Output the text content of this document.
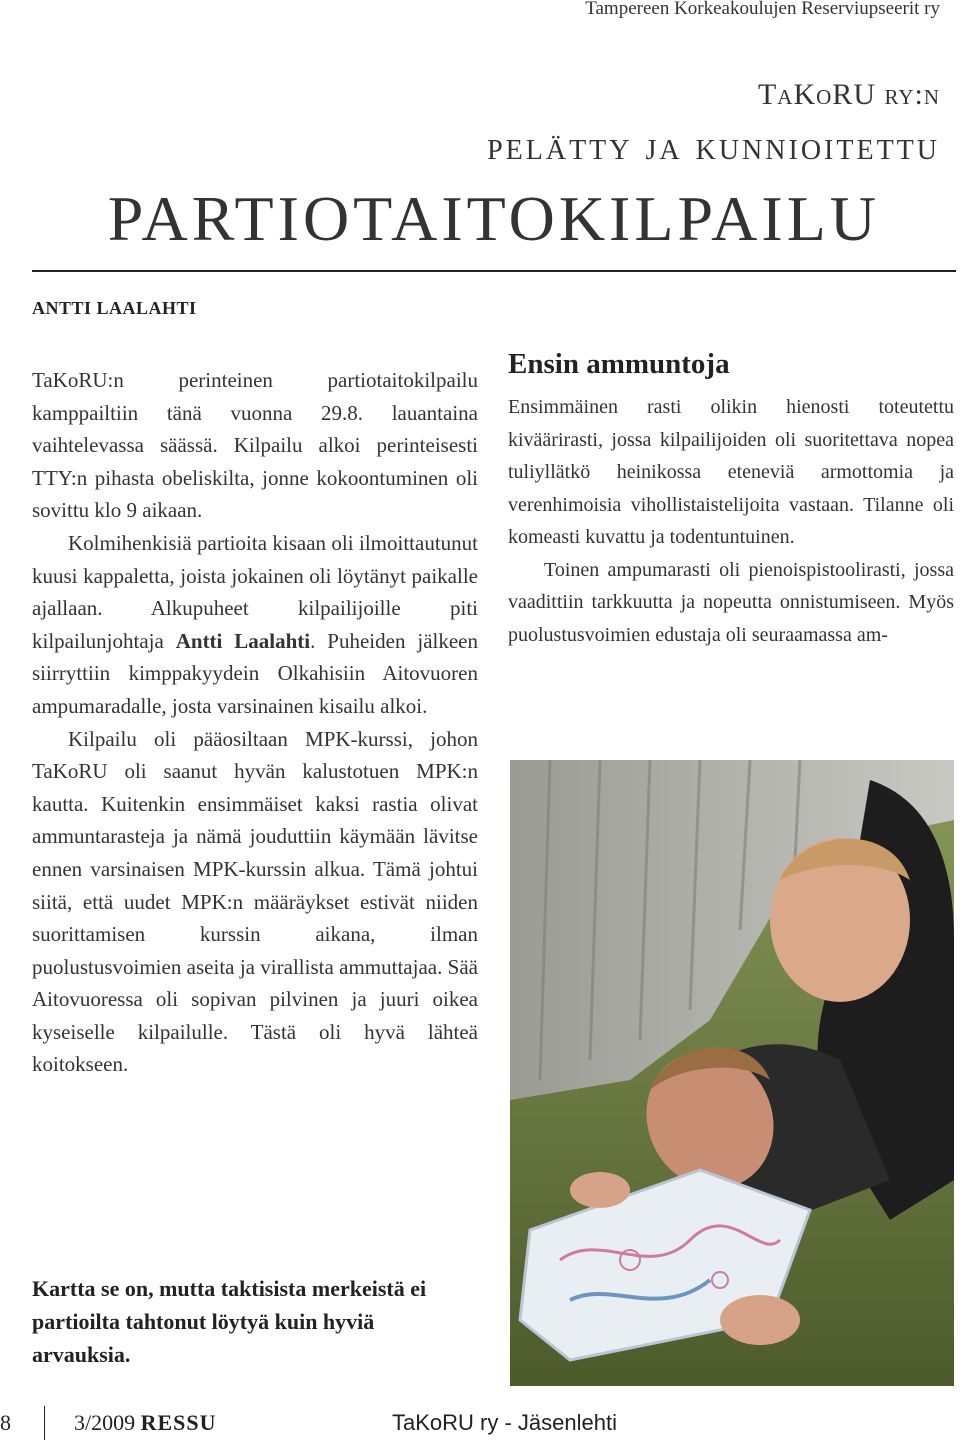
Tampereen Korkeakoulujen Reserviupseerit ry
TaKoRU ry:n
pelätty ja kunnioitettu
PARTIOTAITOKILPAILU
ANTTI LAALAHTI

TaKoRU:n perinteinen partiotaitokilpailu kamppailtiin tänä vuonna 29.8. lauantaina vaihtelevassa säässä. Kilpailu alkoi perinteisesti TTY:n pihasta obeliskilta, jonne kokoontuminen oli sovittu klo 9 aikaan.

Kolmihenkisiä partioita kisaan oli ilmoittautunut kuusi kappaletta, joista jokainen oli löytänyt paikalle ajallaan. Alkupuheet kilpailijoille piti kilpailunjohtaja Antti Laalahti. Puheiden jälkeen siirryttiin kimppakyydein Olkahisiin Aitovuoren ampumaradalle, josta varsinainen kisailu alkoi.

Kilpailu oli pääosiltaan MPK-kurssi, johon TaKoRU oli saanut hyvän kalustotuen MPK:n kautta. Kuitenkin ensimmäiset kaksi rastia olivat ammuntarasteja ja nämä jouduttiin käymään lävitse ennen varsinaisen MPK-kurssin alkua. Tämä johtui siitä, että uudet MPK:n määräykset estivät niiden suorittamisen kurssin aikana, ilman puolustusvoimien aseita ja virallista ammuttajaa. Sää Aitovuoressa oli sopivan pilvinen ja juuri oikea kyseiselle kilpailulle. Tästä oli hyvä lähteä koitokseen.

Ensin ammuntoja

Ensimmäinen rasti olikin hienosti toteutettu kiväärirasti, jossa kilpailijoiden oli suoritettava nopea tuliyllätkö heinikossa eteneviä armottomia ja verenhimoisia vihollistaistelijoita vastaan. Tilanne oli komeasti kuvattu ja todentuntuinen.

Toinen ampumarasti oli pienoispistoolirasti, jossa vaadittiin tarkkuutta ja nopeutta onnistumiseen. Myös puolustusvoimien edustaja oli seuraamassa am-

Kartta se on, mutta taktisista merkeistä ei partioilta tahtonut löytyä kuin hyviä arvauksia.
8	3/2009 RESSU	TaKoRU ry - Jäsenlehti
